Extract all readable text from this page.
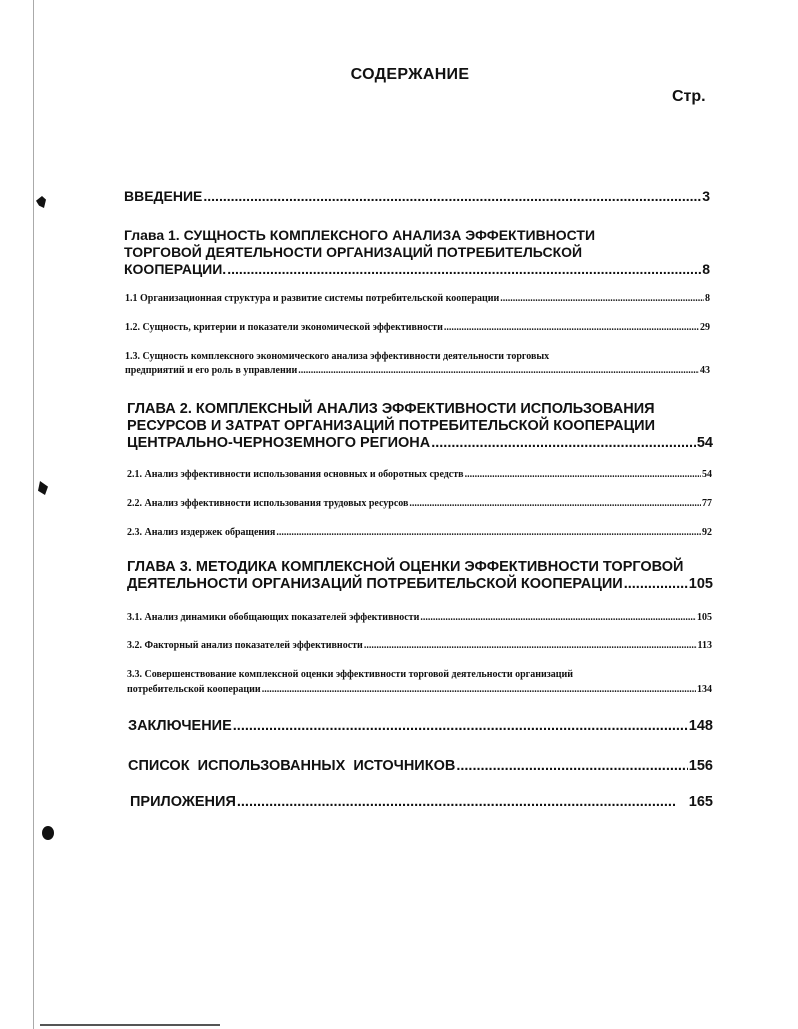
СОДЕРЖАНИЕ
Стр.
ВВЕДЕНИЕ .....	3
Глава 1. СУЩНОСТЬ КОМПЛЕКСНОГО АНАЛИЗА ЭФФЕКТИВНОСТИ
ТОРГОВОЙ ДЕЯТЕЛЬНОСТИ ОРГАНИЗАЦИЙ ПОТРЕБИТЕЛЬСКОЙ
КООПЕРАЦИИ. .....	8
1.1 Организационная структура и развитие системы потребительской кооперации .....	8
1.2. Сущность, критерии и показатели экономической эффективности .....	29
1.3. Сущность комплексного экономического анализа эффективности деятельности торговых
предприятий и его роль в управлении .....	43
ГЛАВА 2. КОМПЛЕКСНЫЙ АНАЛИЗ ЭФФЕКТИВНОСТИ ИСПОЛЬЗОВАНИЯ
РЕСУРСОВ И ЗАТРАТ ОРГАНИЗАЦИЙ ПОТРЕБИТЕЛЬСКОЙ КООПЕРАЦИИ
ЦЕНТРАЛЬНО-ЧЕРНОЗЕМНОГО РЕГИОНА .....	54
2.1. Анализ эффективности использования основных и оборотных средств .....	54
2.2. Анализ эффективности использования трудовых ресурсов .....	77
2.3. Анализ издержек обращения .....	92
ГЛАВА 3. МЕТОДИКА КОМПЛЕКСНОЙ ОЦЕНКИ ЭФФЕКТИВНОСТИ ТОРГОВОЙ
ДЕЯТЕЛЬНОСТИ ОРГАНИЗАЦИЙ ПОТРЕБИТЕЛЬСКОЙ КООПЕРАЦИИ .....	105
3.1. Анализ динамики обобщающих показателей эффективности .....	105
3.2. Факторный анализ показателей эффективности .....	113
3.3. Совершенствование комплексной оценки эффективности торговой деятельности организаций
потребительской кооперации .....	134
ЗАКЛЮЧЕНИЕ .....	148
СПИСОК  ИСПОЛЬЗОВАННЫХ  ИСТОЧНИКОВ .....	156
ПРИЛОЖЕНИЯ .....	165
